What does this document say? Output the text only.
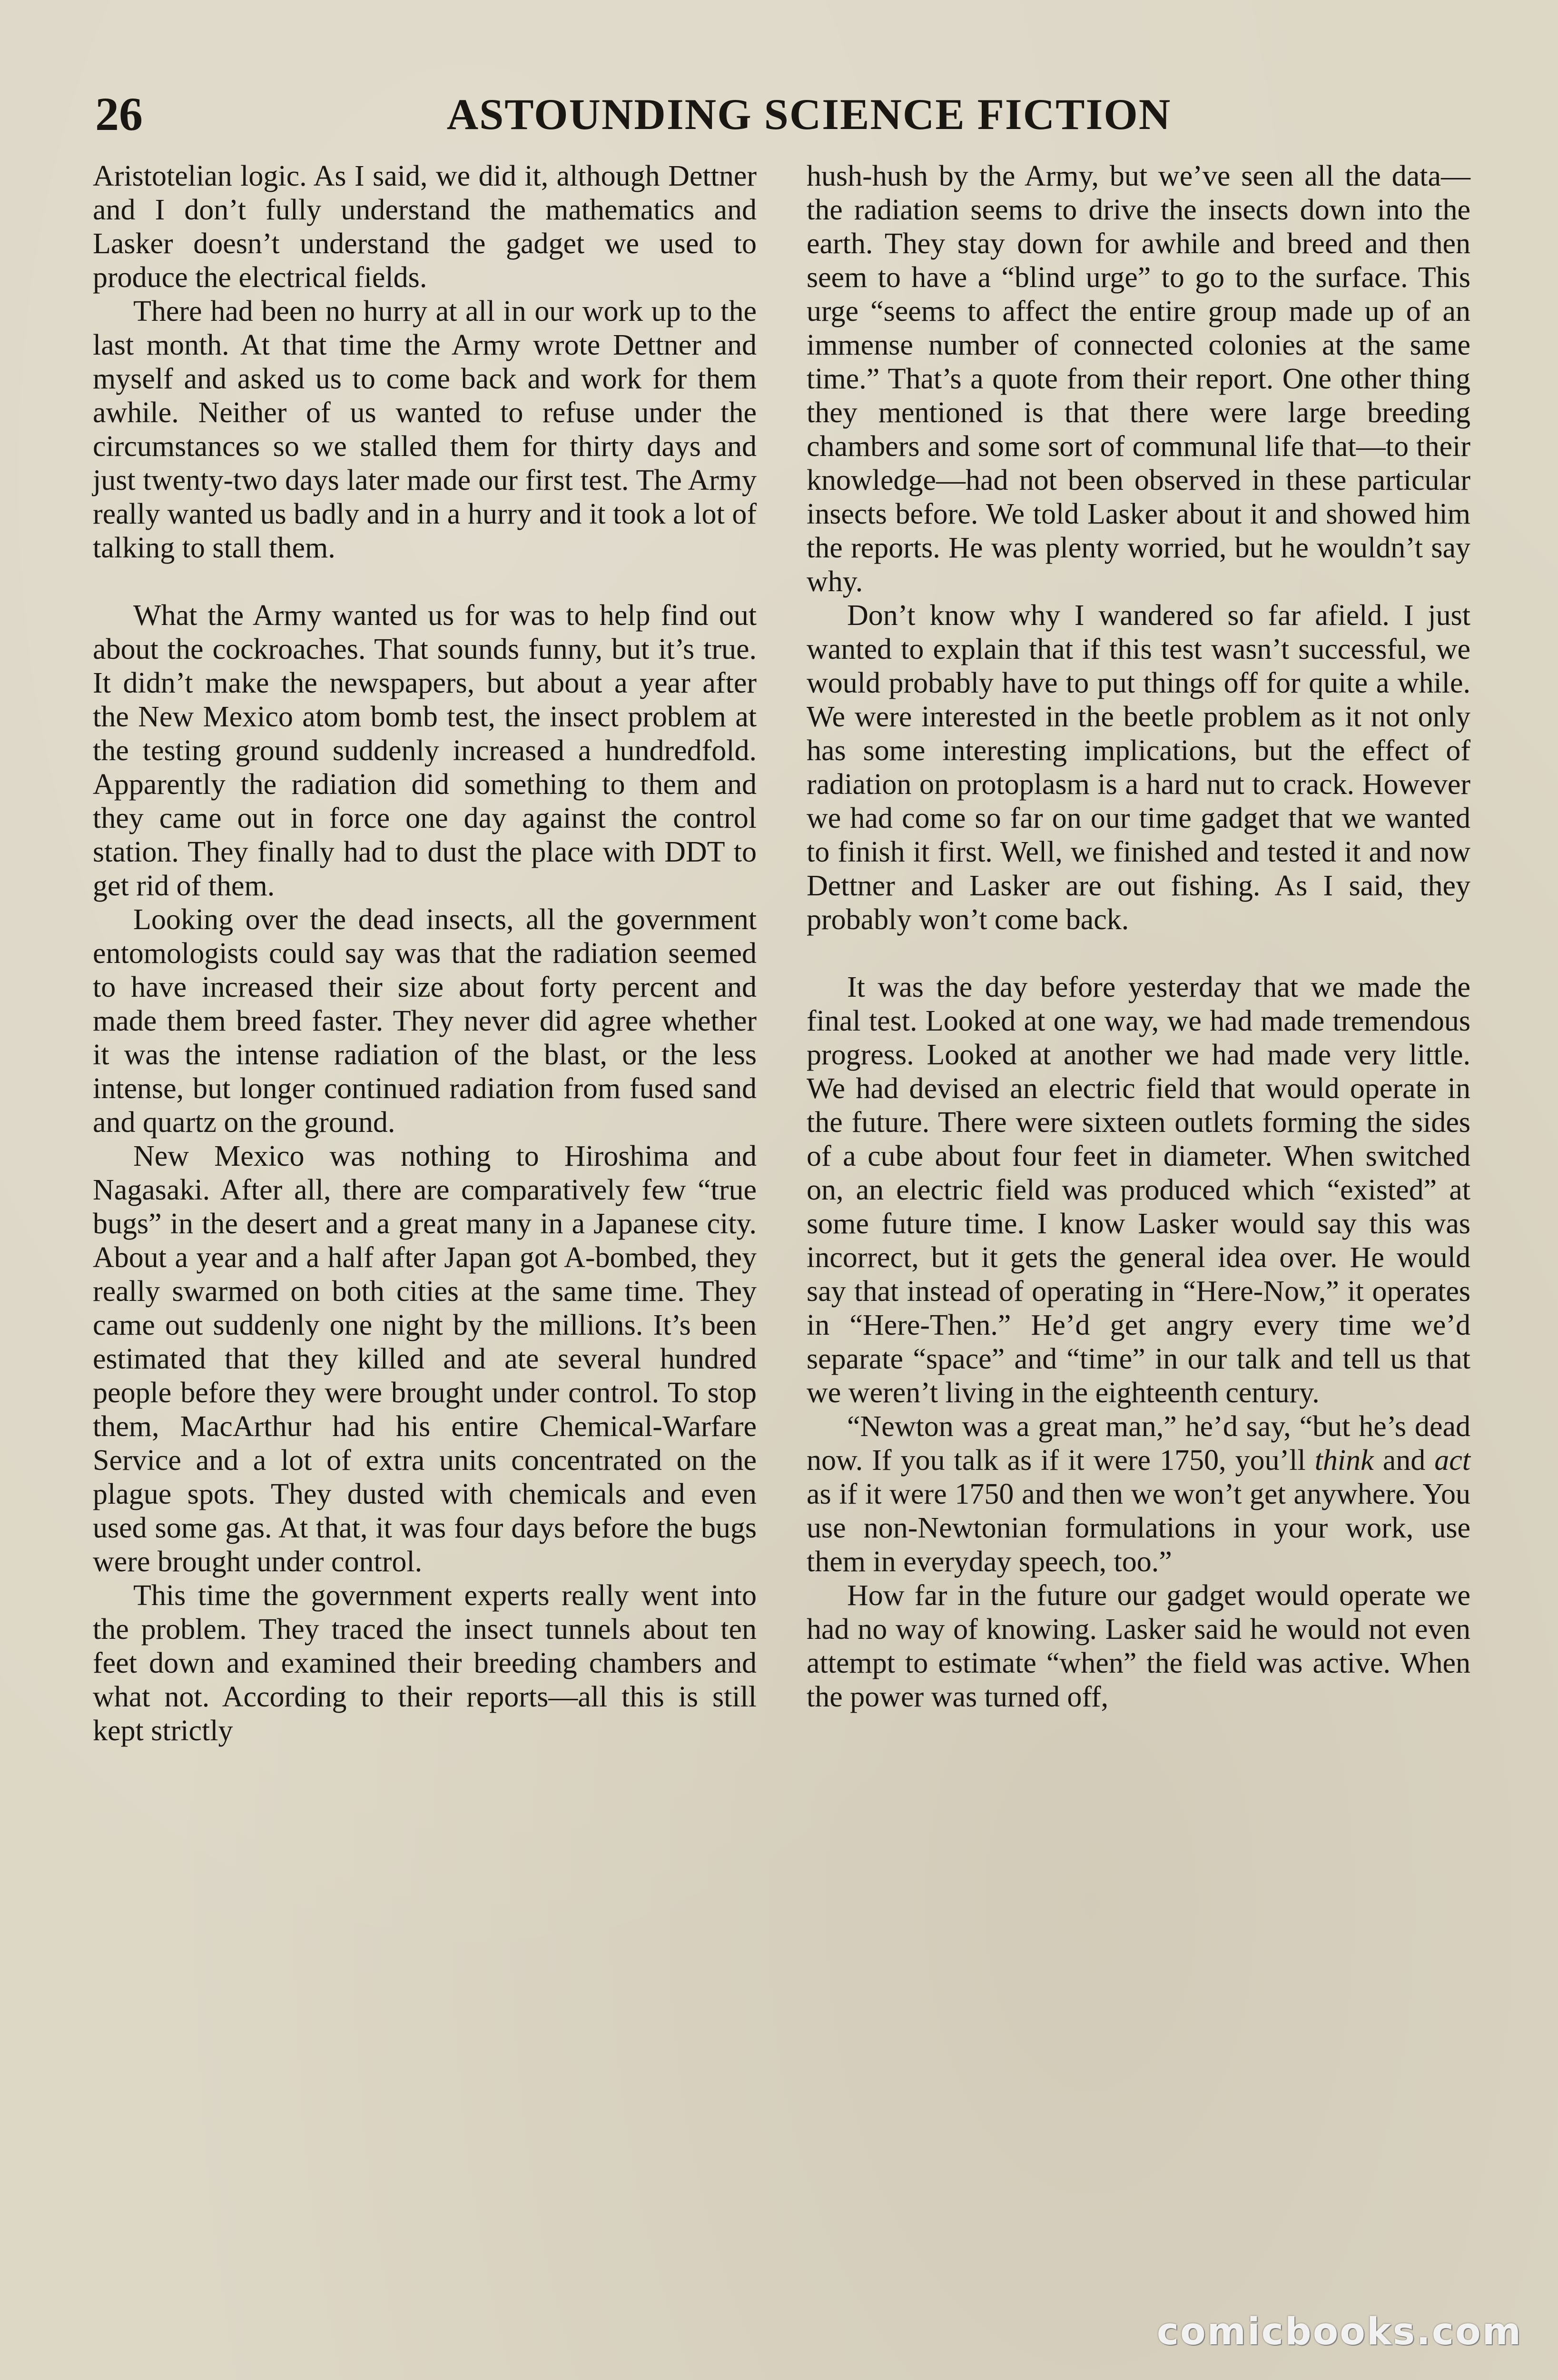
26	ASTOUNDING SCIENCE FICTION

Aristotelian logic. As I said, we did it, although Dettner and I don’t fully understand the mathematics and Lasker doesn’t understand the gadget we used to produce the electrical fields.

There had been no hurry at all in our work up to the last month. At that time the Army wrote Dettner and myself and asked us to come back and work for them awhile. Neither of us wanted to refuse under the circumstances so we stalled them for thirty days and just twenty-two days later made our first test. The Army really wanted us badly and in a hurry and it took a lot of talking to stall them.

What the Army wanted us for was to help find out about the cockroaches. That sounds funny, but it’s true. It didn’t make the newspapers, but about a year after the New Mexico atom bomb test, the insect problem at the testing ground suddenly increased a hundredfold. Apparently the radiation did something to them and they came out in force one day against the control station. They finally had to dust the place with DDT to get rid of them.

Looking over the dead insects, all the government entomologists could say was that the radiation seemed to have increased their size about forty percent and made them breed faster. They never did agree whether it was the intense radiation of the blast, or the less intense, but longer continued radiation from fused sand and quartz on the ground.

New Mexico was nothing to Hiroshima and Nagasaki. After all, there are comparatively few “true bugs” in the desert and a great many in a Japanese city. About a year and a half after Japan got A-bombed, they really swarmed on both cities at the same time. They came out suddenly one night by the millions. It’s been estimated that they killed and ate several hundred people before they were brought under control. To stop them, MacArthur had his entire Chemical-Warfare Service and a lot of extra units concentrated on the plague spots. They dusted with chemicals and even used some gas. At that, it was four days before the bugs were brought under control.

This time the government experts really went into the problem. They traced the insect tunnels about ten feet down and examined their breeding chambers and what not. According to their reports—all this is still kept strictly

hush-hush by the Army, but we’ve seen all the data—the radiation seems to drive the insects down into the earth. They stay down for awhile and breed and then seem to have a “blind urge” to go to the surface. This urge “seems to affect the entire group made up of an immense number of connected colonies at the same time.” That’s a quote from their report. One other thing they mentioned is that there were large breeding chambers and some sort of communal life that—to their knowledge—had not been observed in these particular insects before. We told Lasker about it and showed him the reports. He was plenty worried, but he wouldn’t say why.

Don’t know why I wandered so far afield. I just wanted to explain that if this test wasn’t successful, we would probably have to put things off for quite a while. We were interested in the beetle problem as it not only has some interesting implications, but the effect of radiation on protoplasm is a hard nut to crack. However we had come so far on our time gadget that we wanted to finish it first. Well, we finished and tested it and now Dettner and Lasker are out fishing. As I said, they probably won’t come back.

It was the day before yesterday that we made the final test. Looked at one way, we had made tremendous progress. Looked at another we had made very little. We had devised an electric field that would operate in the future. There were sixteen outlets forming the sides of a cube about four feet in diameter. When switched on, an electric field was produced which “existed” at some future time. I know Lasker would say this was incorrect, but it gets the general idea over. He would say that instead of operating in “Here-Now,” it operates in “Here-Then.” He’d get angry every time we’d separate “space” and “time” in our talk and tell us that we weren’t living in the eighteenth century.

“Newton was a great man,” he’d say, “but he’s dead now. If you talk as if it were 1750, you’ll think and act as if it were 1750 and then we won’t get anywhere. You use non-Newtonian formulations in your work, use them in everyday speech, too.”

How far in the future our gadget would operate we had no way of knowing. Lasker said he would not even attempt to estimate “when” the field was active. When the power was turned off,

comicbooks.com
